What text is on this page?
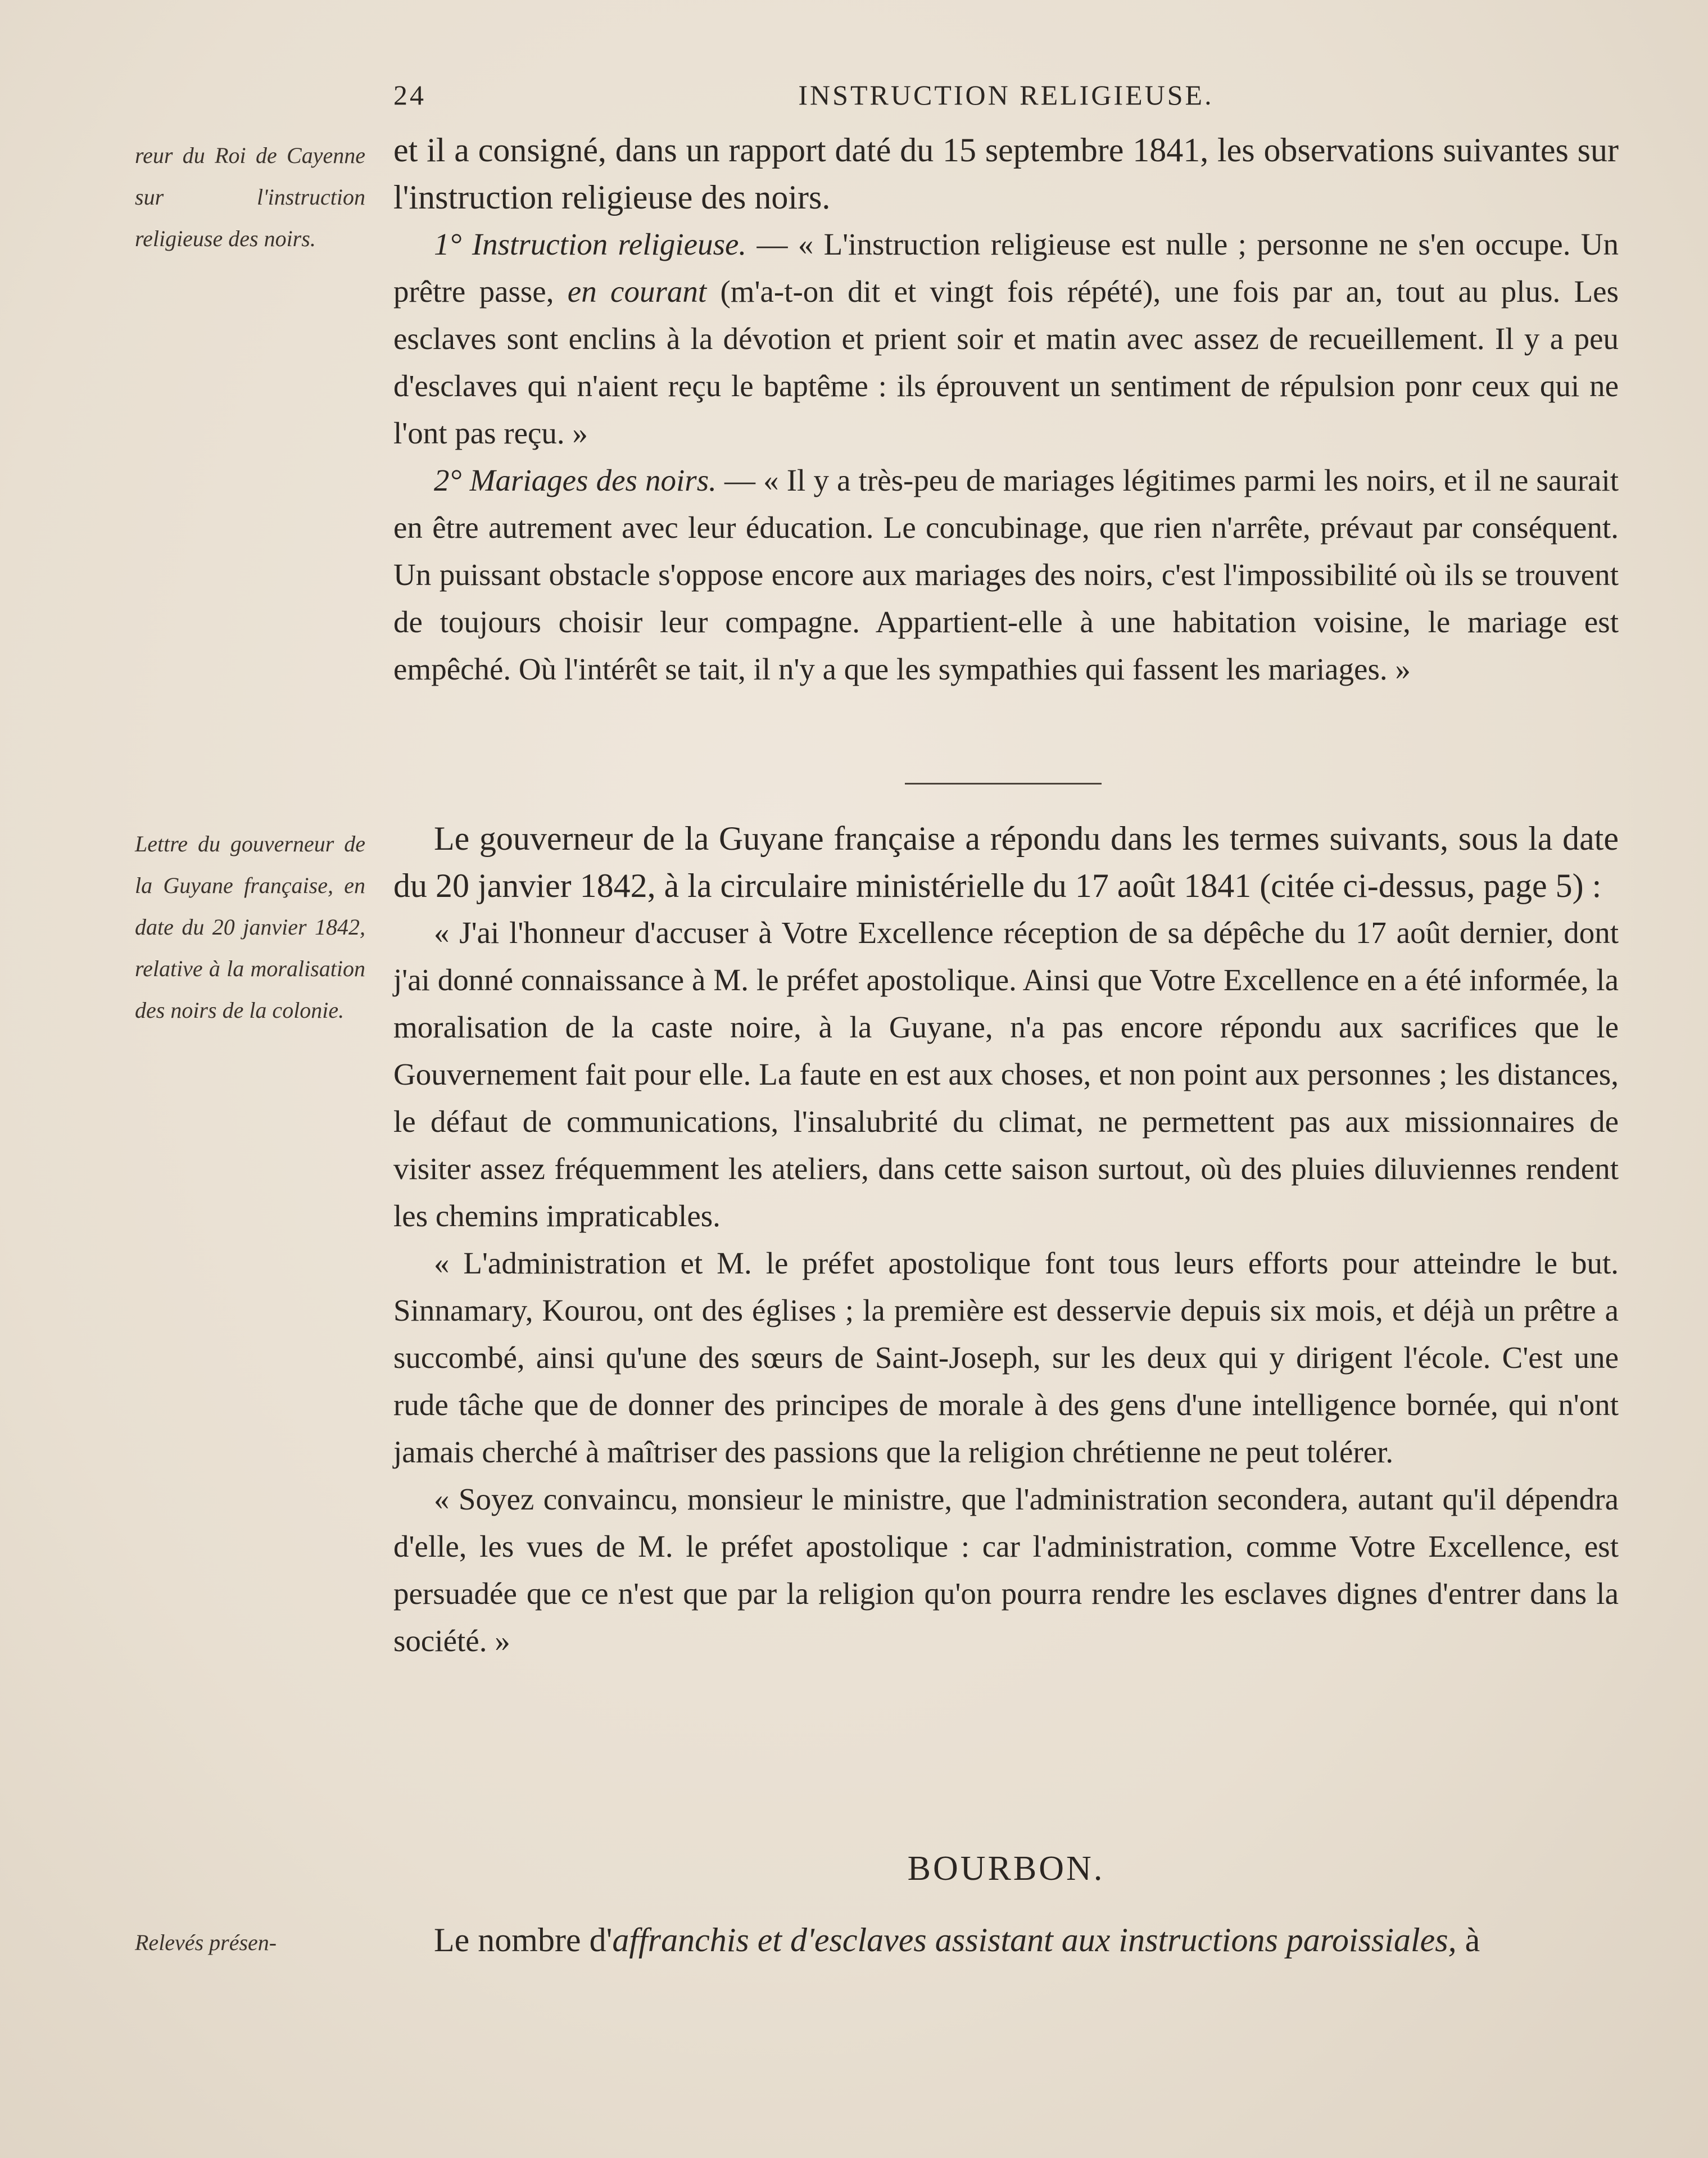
24	INSTRUCTION RELIGIEUSE.
reur du Roi de Cayenne sur l'instruction religieuse des noirs.
Lettre du gouverneur de la Guyane française, en date du 20 janvier 1842, relative à la moralisation des noirs de la colonie.
Relevés présen-

et il a consigné, dans un rapport daté du 15 septembre 1841, les observations suivantes sur l'instruction religieuse des noirs.

1° Instruction religieuse. — « L'instruction religieuse est nulle ; personne ne s'en occupe. Un prêtre passe, en courant (m'a-t-on dit et vingt fois répété), une fois par an, tout au plus. Les esclaves sont enclins à la dévotion et prient soir et matin avec assez de recueillement. Il y a peu d'esclaves qui n'aient reçu le baptême : ils éprouvent un sentiment de répulsion ponr ceux qui ne l'ont pas reçu. »

2° Mariages des noirs. — « Il y a très-peu de mariages légitimes parmi les noirs, et il ne saurait en être autrement avec leur éducation. Le concubinage, que rien n'arrête, prévaut par conséquent. Un puissant obstacle s'oppose encore aux mariages des noirs, c'est l'impossibilité où ils se trouvent de toujours choisir leur compagne. Appartient-elle à une habitation voisine, le mariage est empêché. Où l'intérêt se tait, il n'y a que les sympathies qui fassent les mariages. »

Le gouverneur de la Guyane française a répondu dans les termes suivants, sous la date du 20 janvier 1842, à la circulaire ministérielle du 17 août 1841 (citée ci-dessus, page 5) :

« J'ai l'honneur d'accuser à Votre Excellence réception de sa dépêche du 17 août dernier, dont j'ai donné connaissance à M. le préfet apostolique. Ainsi que Votre Excellence en a été informée, la moralisation de la caste noire, à la Guyane, n'a pas encore répondu aux sacrifices que le Gouvernement fait pour elle. La faute en est aux choses, et non point aux personnes ; les distances, le défaut de communications, l'insalubrité du climat, ne permettent pas aux missionnaires de visiter assez fréquemment les ateliers, dans cette saison surtout, où des pluies diluviennes rendent les chemins impraticables.

« L'administration et M. le préfet apostolique font tous leurs efforts pour atteindre le but. Sinnamary, Kourou, ont des églises ; la première est desservie depuis six mois, et déjà un prêtre a succombé, ainsi qu'une des sœurs de Saint-Joseph, sur les deux qui y dirigent l'école. C'est une rude tâche que de donner des principes de morale à des gens d'une intelligence bornée, qui n'ont jamais cherché à maîtriser des passions que la religion chrétienne ne peut tolérer.

« Soyez convaincu, monsieur le ministre, que l'administration secondera, autant qu'il dépendra d'elle, les vues de M. le préfet apostolique : car l'administration, comme Votre Excellence, est persuadée que ce n'est que par la religion qu'on pourra rendre les esclaves dignes d'entrer dans la société. »

BOURBON.

Le nombre d'affranchis et d'esclaves assistant aux instructions paroissiales, à
